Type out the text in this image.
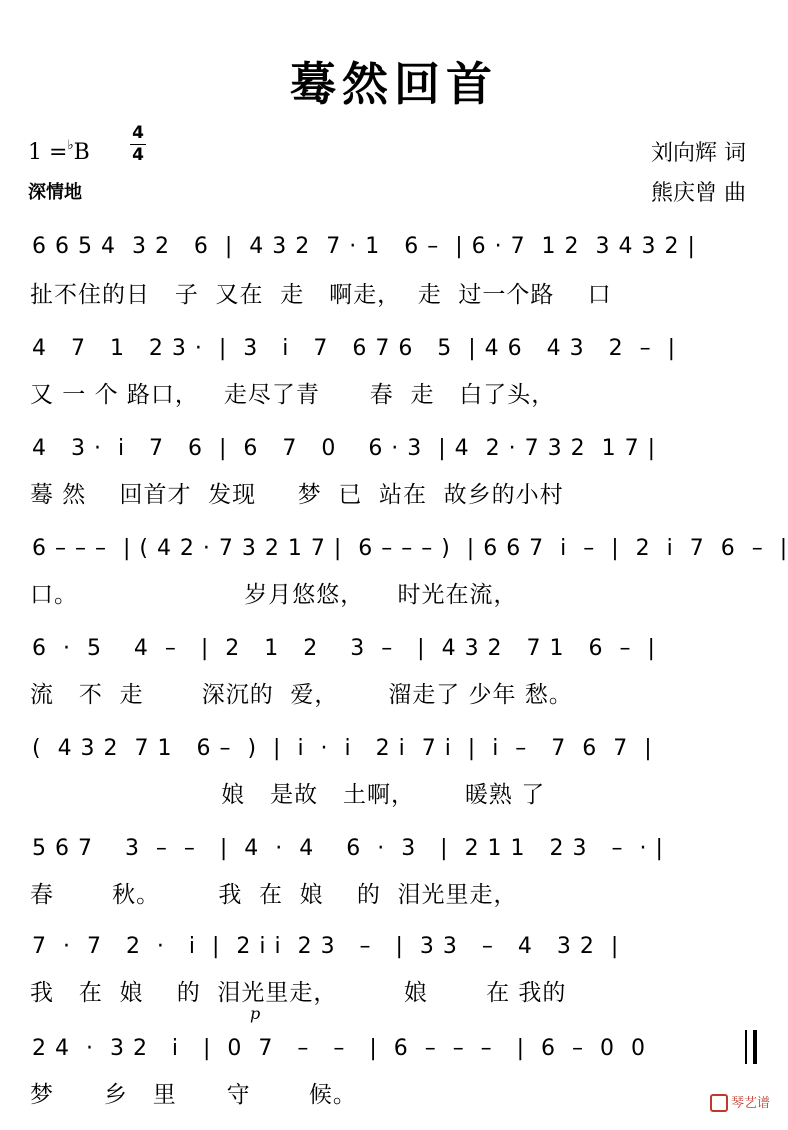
蓦然回首
1 =♭B
4
4
深情地
刘向辉 词
熊庆曾 曲
6 6 5 4  3 2   6  |  4 3 2  7 · 1   6 –  | 6 · 7  1 2  3 4 3 2 |
扯不住的日   子  又在  走   啊走，  走  过一个路    口
4   7   1   2 3 ·  |  3   i   7   6 7 6   5  | 4 6   4 3   2  –  |
又 一 个 路口，   走尽了青      春  走   白了头，
4   3 ·  i   7   6  |  6   7   0    6 · 3  | 4  2 · 7 3 2  1 7 |
蓦 然    回首才  发现     梦  已  站在  故乡的小村
6 – – –  | ( 4 2 · 7 3 2 1 7 |  6 – – – )  | 6 6 7  i  –  |  2  i  7  6  –  |
口。                    岁月悠悠，    时光在流，
6  ·  5    4  –   |  2   1   2    3  –   |  4 3 2   7 1   6  –  |
流   不  走       深沉的  爱，      溜走了 少年 愁。
(  4 3 2  7 1   6 –  )  |  i  ·  i   2 i  7 i  |  i  –   7  6  7  |
娘   是故   土啊，      暖熟 了
5 6 7    3  –  –   |  4  ·  4    6  ·  3   |  2 1 1   2 3   –  · |
春       秋。       我  在  娘    的  泪光里走，
7  ·  7   2  ·   i  |  2 i i  2 3   –   |  3 3   –   4   3 2  |
我   在  娘    的  泪光里走，        娘       在 我的
p
2 4  ·  3 2   i   |  0  7   –   –   |  6  –  –  –   |  6  –  0  0
梦      乡   里      守       候。	琴艺谱
